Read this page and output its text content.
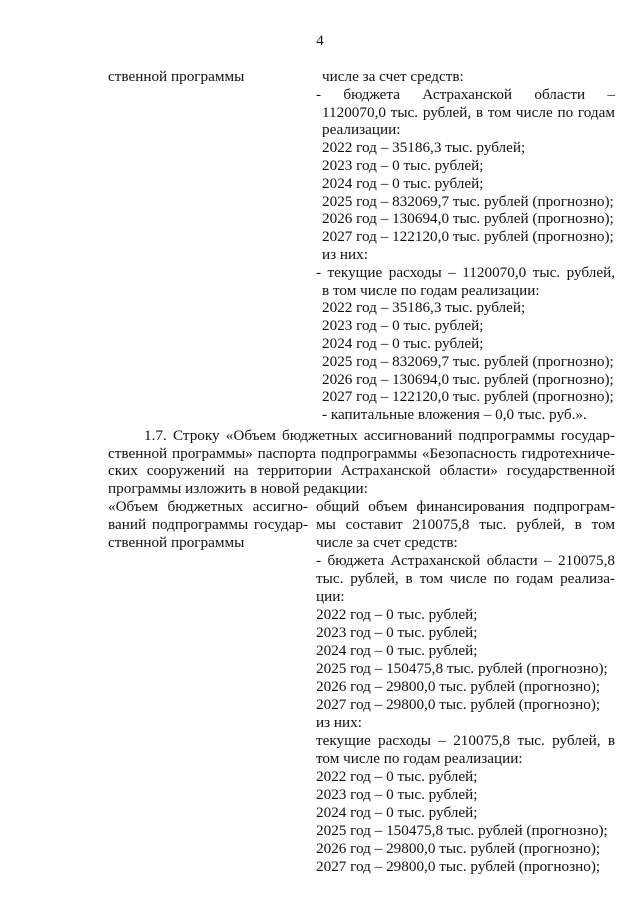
4
ственной программы	числе за счет средств:
- бюджета Астраханской области –
1120070,0 тыс. рублей, в том числе по годам
реализации:
2022 год – 35186,3 тыс. рублей;
2023 год – 0 тыс. рублей;
2024 год – 0 тыс. рублей;
2025 год – 832069,7 тыс. рублей (прогнозно);
2026 год – 130694,0 тыс. рублей (прогнозно);
2027 год – 122120,0 тыс. рублей (прогнозно);
из них:
- текущие расходы – 1120070,0 тыс. рублей,
в том числе по годам реализации:
2022 год – 35186,3 тыс. рублей;
2023 год – 0 тыс. рублей;
2024 год – 0 тыс. рублей;
2025 год – 832069,7 тыс. рублей (прогнозно);
2026 год – 130694,0 тыс. рублей (прогнозно);
2027 год – 122120,0 тыс. рублей (прогнозно);
- капитальные вложения – 0,0 тыс. руб.».
1.7. Строку «Объем бюджетных ассигнований подпрограммы государ-
ственной программы» паспорта подпрограммы «Безопасность гидротехниче-
ских сооружений на территории Астраханской области» государственной
программы изложить в новой редакции:
«Объем бюджетных ассигно-
ваний подпрограммы государ-
ственной программы
общий объем финансирования подпрограм-
мы составит 210075,8 тыс. рублей, в том
числе за счет средств:
- бюджета Астраханской области – 210075,8
тыс. рублей, в том числе по годам реализа-
ции:
2022 год – 0 тыс. рублей;
2023 год – 0 тыс. рублей;
2024 год – 0 тыс. рублей;
2025 год – 150475,8 тыс. рублей (прогнозно);
2026 год – 29800,0 тыс. рублей (прогнозно);
2027 год – 29800,0 тыс. рублей (прогнозно);
из них:
текущие расходы – 210075,8 тыс. рублей, в
том числе по годам реализации:
2022 год – 0 тыс. рублей;
2023 год – 0 тыс. рублей;
2024 год – 0 тыс. рублей;
2025 год – 150475,8 тыс. рублей (прогнозно);
2026 год – 29800,0 тыс. рублей (прогнозно);
2027 год – 29800,0 тыс. рублей (прогнозно);
